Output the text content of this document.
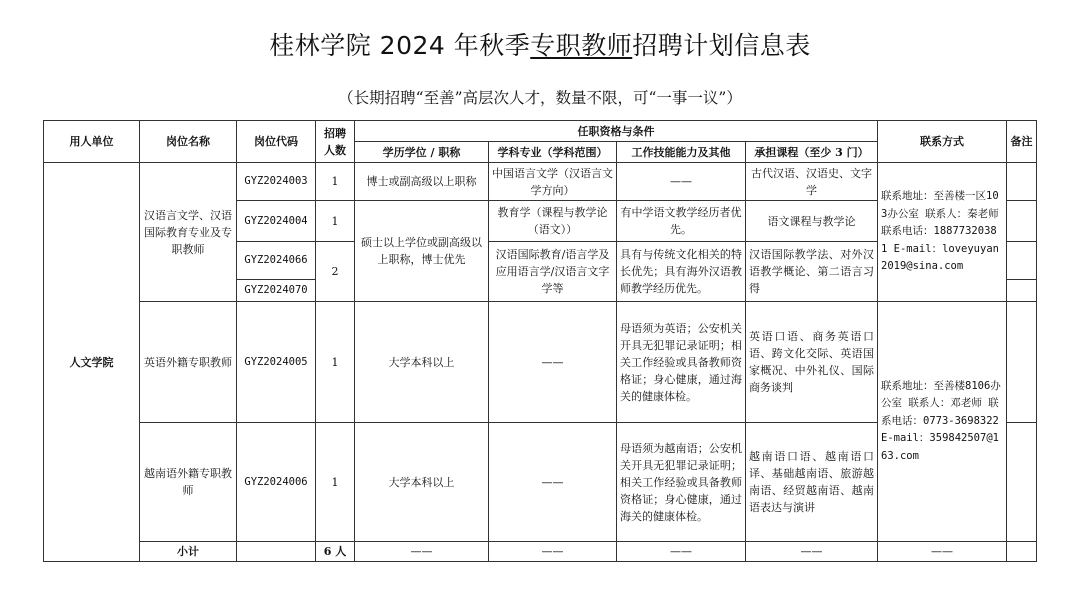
桂林学院 2024 年秋季专职教师招聘计划信息表
（长期招聘“至善”高层次人才，数量不限，可“一事一议”）
用人单位	岗位名称	岗位代码	招聘人数	任职资格与条件				联系方式	备注
				学历学位 / 职称	学科专业（学科范围）	工作技能能力及其他	承担课程（至少 3 门）		
人文学院	汉语言文学、汉语国际教育专业及专职教师	GYZ2024003	1	博士或副高级以上职称	中国语言文学（汉语言文学方向）	——	古代汉语、汉语史、文字学	联系地址：至善楼一区103办公室 联系人：秦老师 联系电话：18877320381 E-mail：loveyuyan2019@sina.com	
		GYZ2024004	1	硕士以上学位或副高级以上职称，博士优先	教育学（课程与教学论（语文））	有中学语文教学经历者优先。	语文课程与教学论		
		GYZ2024066	2		汉语国际教育/语言学及应用语言学/汉语言文字学等	具有与传统文化相关的特长优先；具有海外汉语教师教学经历优先。	汉语国际教学法、对外汉语教学概论、第二语言习得		
		GYZ2024070							
	英语外籍专职教师	GYZ2024005	1	大学本科以上	——	母语须为英语；公安机关开具无犯罪记录证明；相关工作经验或具备教师资格证；身心健康，通过海关的健康体检。	英语口语、商务英语口语、跨文化交际、英语国家概况、中外礼仪、国际商务谈判	联系地址：至善楼8106办公室 联系人：邓老师 联系电话：0773-3698322 E-mail：359842507@163.com	
	越南语外籍专职教师	GYZ2024006	1	大学本科以上	——	母语须为越南语；公安机关开具无犯罪记录证明；相关工作经验或具备教师资格证；身心健康，通过海关的健康体检。	越南语口语、越南语口译、基础越南语、旅游越南语、经贸越南语、越南语表达与演讲		
	小计		6 人	——	——	——	——	——	
